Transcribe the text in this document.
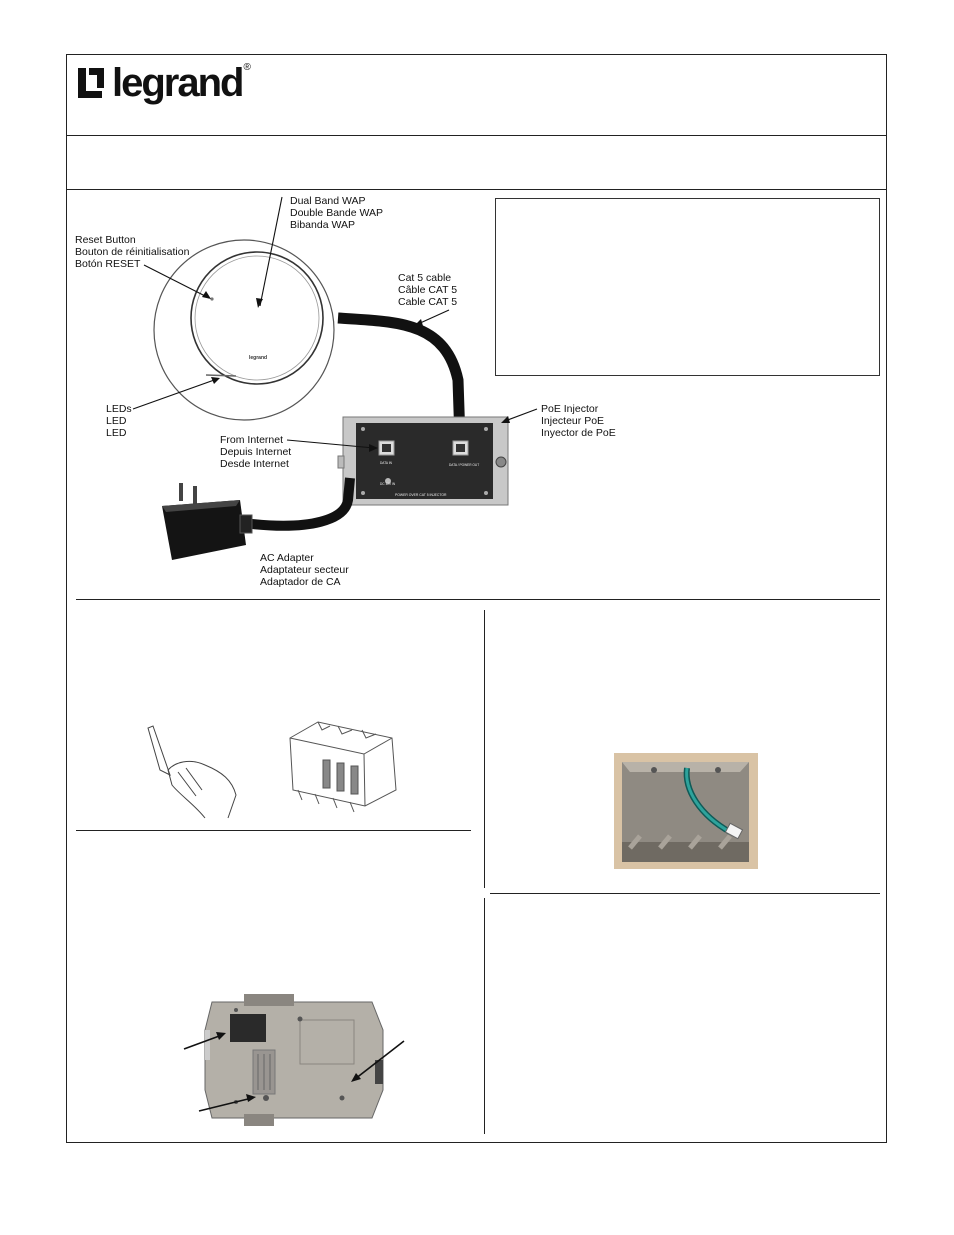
legrand ®
legrand
DATA IN	DATA / POWER OUT
DC 12V IN
POWER OVER CAT 5 INJECTOR
Dual Band WAP
Double Bande WAP
Bibanda WAP
Reset Button
Bouton de réinitialisation
Botón RESET
Cat 5 cable
Câble CAT 5
Cable CAT 5
PoE Injector
Injecteur PoE
Inyector de PoE
LEDs
LED
LED
From Internet
Depuis Internet
Desde Internet
AC Adapter
Adaptateur secteur
Adaptador de CA
